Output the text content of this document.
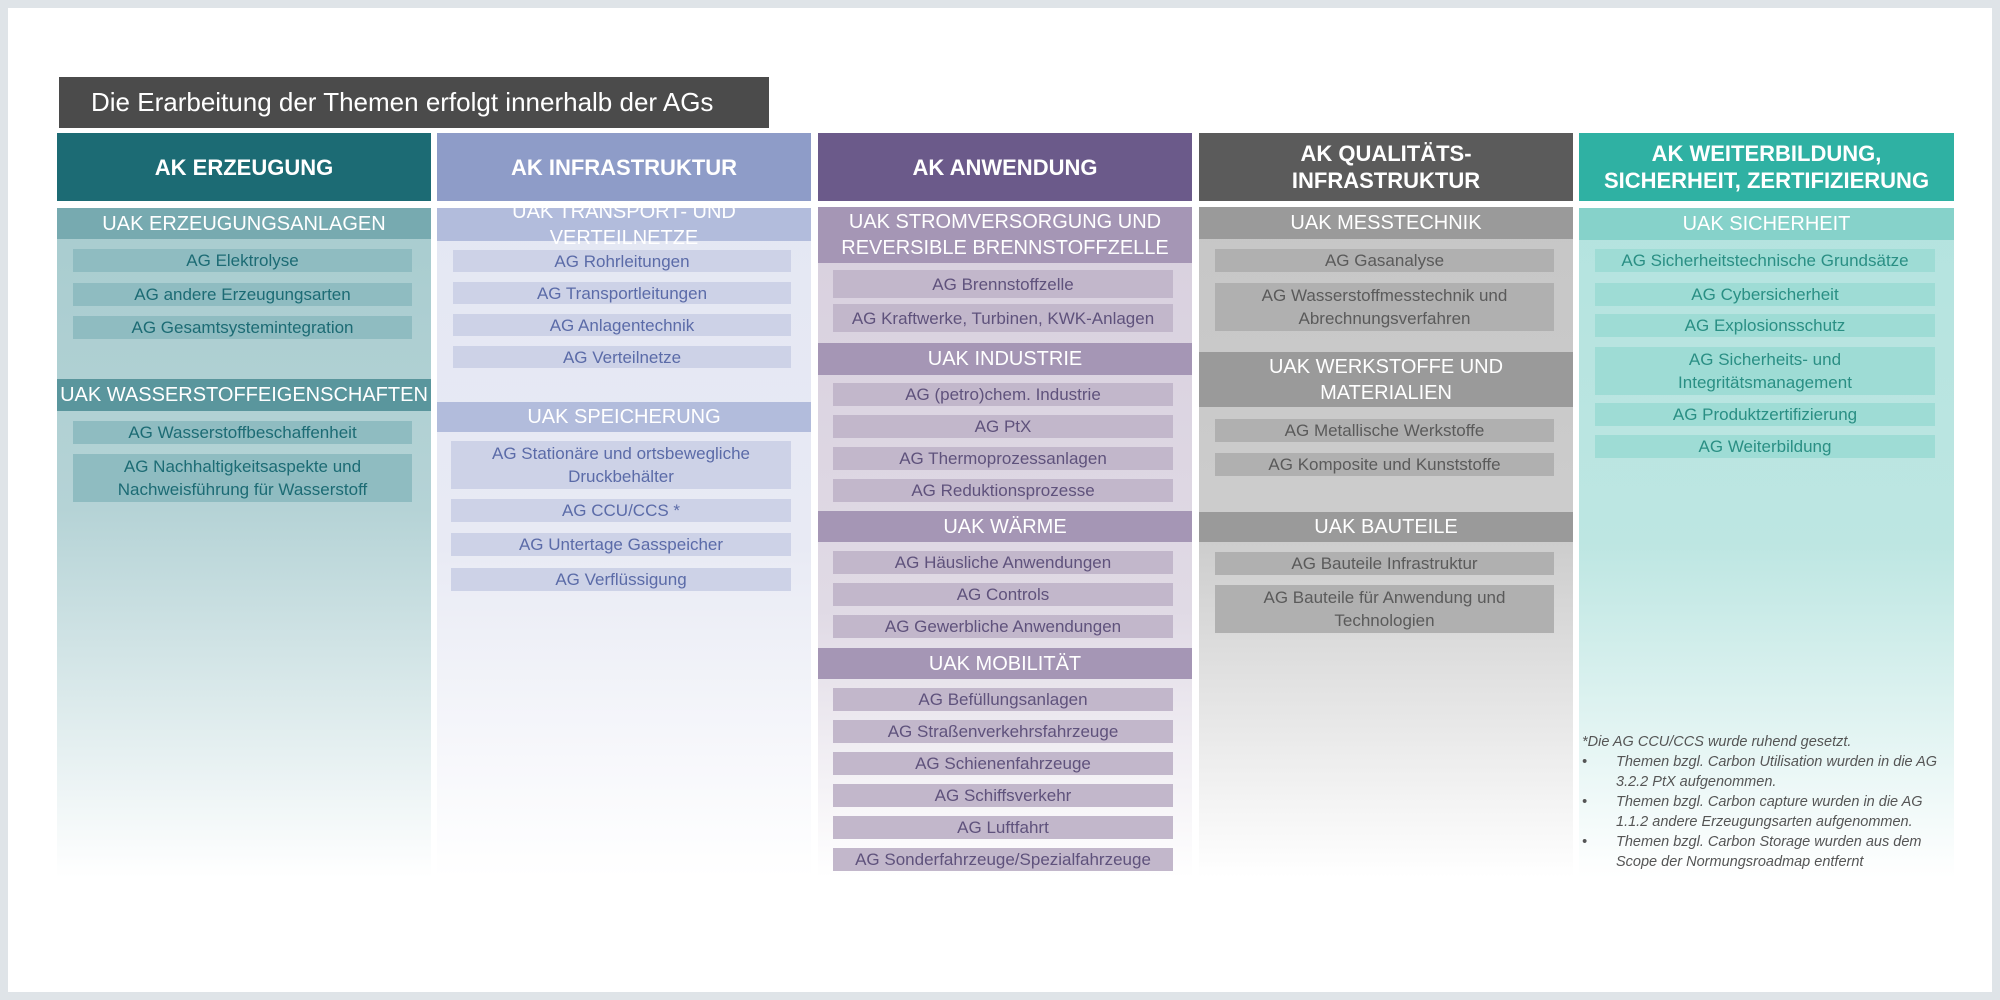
Die Erarbeitung der Themen erfolgt innerhalb der AGs
AK ERZEUGUNG
UAK ERZEUGUNGSANLAGEN
AG Elektrolyse
AG andere Erzeugungsarten
AG Gesamtsystemintegration
UAK WASSERSTOFFEIGENSCHAFTEN
AG Wasserstoffbeschaffenheit
AG Nachhaltigkeitsaspekte und
Nachweisführung für Wasserstoff
AK INFRASTRUKTUR
UAK TRANSPORT- UND VERTEILNETZE
AG Rohrleitungen
AG Transportleitungen
AG Anlagentechnik
AG Verteilnetze
UAK SPEICHERUNG
AG Stationäre und ortsbewegliche
Druckbehälter
AG CCU/CCS *
AG Untertage Gasspeicher
AG Verflüssigung
AK ANWENDUNG
UAK STROMVERSORGUNG UND
REVERSIBLE BRENNSTOFFZELLE
AG Brennstoffzelle
AG Kraftwerke, Turbinen, KWK-Anlagen
UAK INDUSTRIE
AG (petro)chem. Industrie
AG PtX
AG Thermoprozessanlagen
AG Reduktionsprozesse
UAK WÄRME
AG Häusliche Anwendungen
AG Controls
AG Gewerbliche Anwendungen
UAK MOBILITÄT
AG Befüllungsanlagen
AG Straßenverkehrsfahrzeuge
AG Schienenfahrzeuge
AG Schiffsverkehr
AG Luftfahrt
AG Sonderfahrzeuge/Spezialfahrzeuge
AK QUALITÄTS-
INFRASTRUKTUR
UAK MESSTECHNIK
AG Gasanalyse
AG Wasserstoffmesstechnik und
Abrechnungsverfahren
UAK WERKSTOFFE UND
MATERIALIEN
AG Metallische Werkstoffe
AG Komposite und Kunststoffe
UAK BAUTEILE
AG Bauteile Infrastruktur
AG Bauteile für Anwendung und
Technologien
AK WEITERBILDUNG,
SICHERHEIT, ZERTIFIZIERUNG
UAK SICHERHEIT
AG Sicherheitstechnische Grundsätze
AG Cybersicherheit
AG Explosionsschutz
AG Sicherheits- und
Integritätsmanagement
AG Produktzertifizierung
AG Weiterbildung
*Die AG CCU/CCS wurde ruhend gesetzt.
•	Themen bzgl. Carbon Utilisation wurden in die AG 3.2.2 PtX aufgenommen.
•	Themen bzgl. Carbon capture wurden in die AG 1.1.2 andere Erzeugungsarten aufgenommen.
•	Themen bzgl. Carbon Storage wurden aus dem Scope der Normungsroadmap entfernt
